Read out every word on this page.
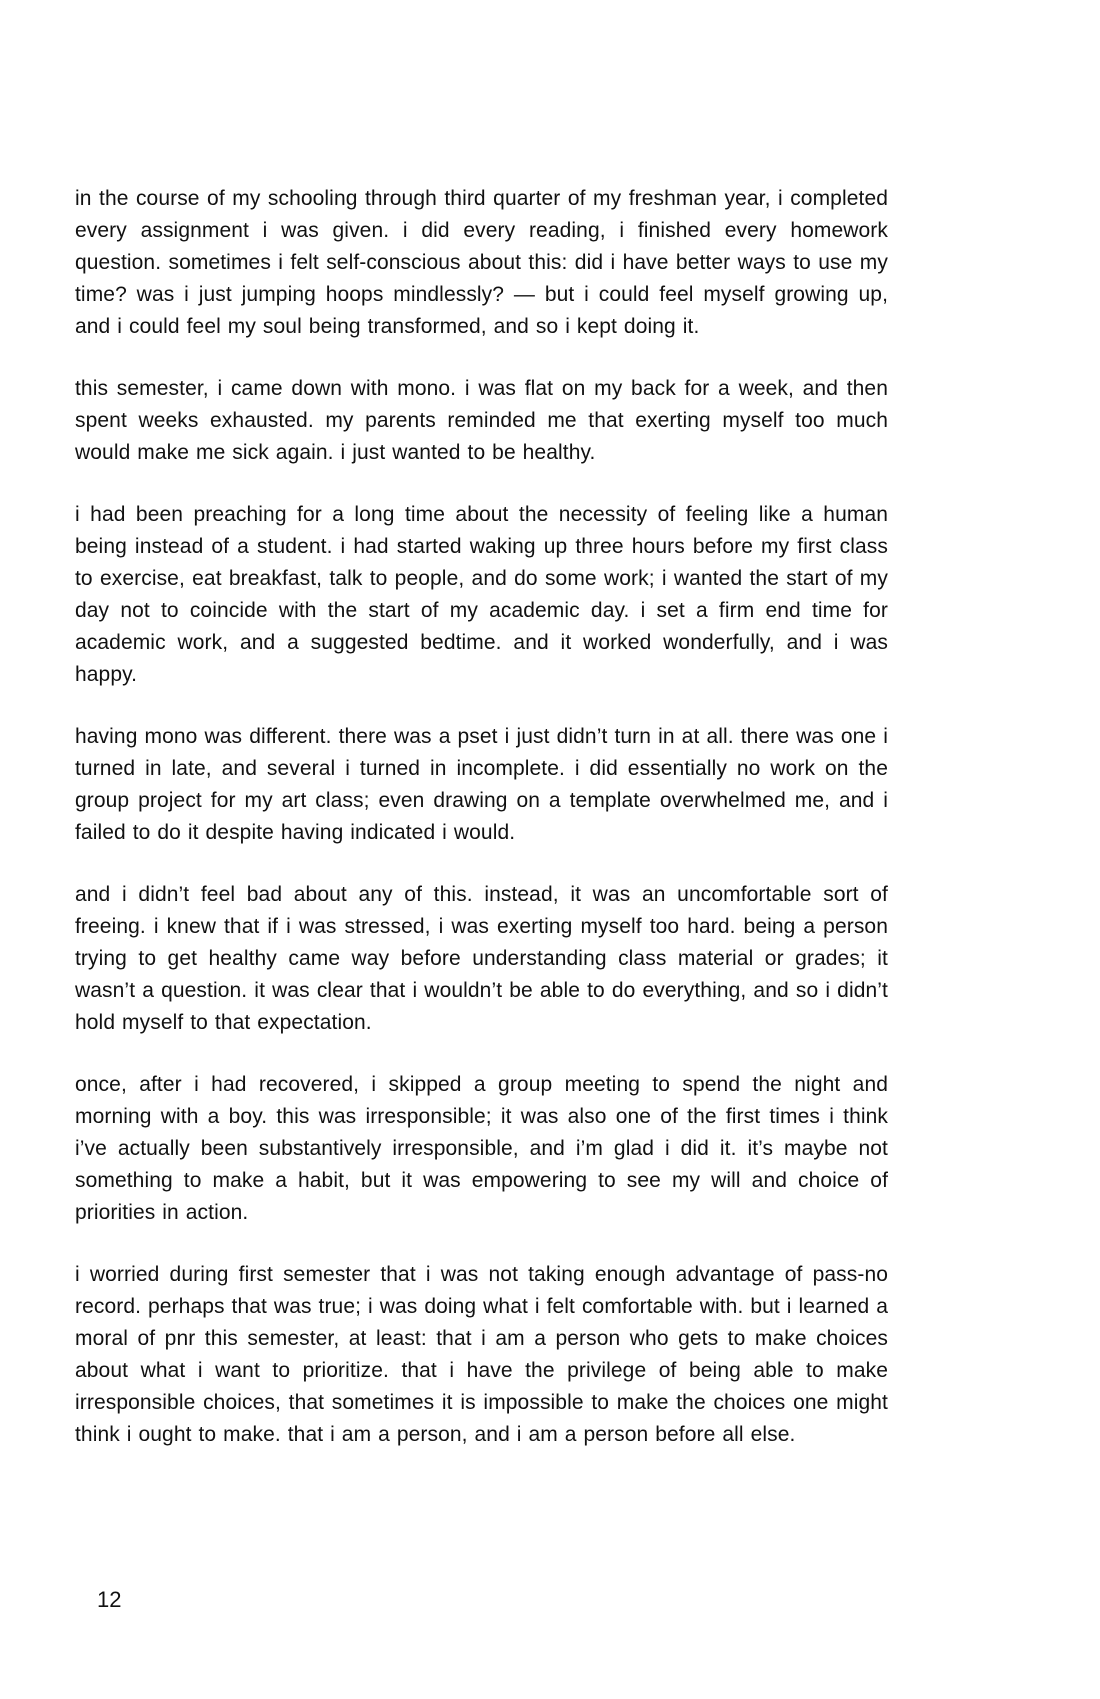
in the course of my schooling through third quarter of my freshman year, i completed every assignment i was given. i did every reading, i finished every homework question. sometimes i felt self-conscious about this: did i have better ways to use my time? was i just jumping hoops mindlessly? — but i could feel myself growing up, and i could feel my soul being transformed, and so i kept doing it.

this semester, i came down with mono. i was flat on my back for a week, and then spent weeks exhausted. my parents reminded me that exerting myself too much would make me sick again. i just wanted to be healthy.

i had been preaching for a long time about the necessity of feeling like a human being instead of a student. i had started waking up three hours before my first class to exercise, eat breakfast, talk to people, and do some work; i wanted the start of my day not to coincide with the start of my academic day. i set a firm end time for academic work, and a suggested bedtime. and it worked wonderfully, and i was happy.

having mono was different. there was a pset i just didn’t turn in at all. there was one i turned in late, and several i turned in incomplete. i did essentially no work on the group project for my art class; even drawing on a template overwhelmed me, and i failed to do it despite having indicated i would.

and i didn’t feel bad about any of this. instead, it was an uncomfortable sort of freeing. i knew that if i was stressed, i was exerting myself too hard. being a person trying to get healthy came way before understanding class material or grades; it wasn’t a question. it was clear that i wouldn’t be able to do everything, and so i didn’t hold myself to that expectation.

once, after i had recovered, i skipped a group meeting to spend the night and morning with a boy. this was irresponsible; it was also one of the first times i think i’ve actually been substantively irresponsible, and i’m glad i did it. it’s maybe not something to make a habit, but it was empowering to see my will and choice of priorities in action.

i worried during first semester that i was not taking enough advantage of pass-no record. perhaps that was true; i was doing what i felt comfortable with. but i learned a moral of pnr this semester, at least: that i am a person who gets to make choices about what i want to prioritize. that i have the privilege of being able to make irresponsible choices, that sometimes it is impossible to make the choices one might think i ought to make. that i am a person, and i am a person before all else.

12
